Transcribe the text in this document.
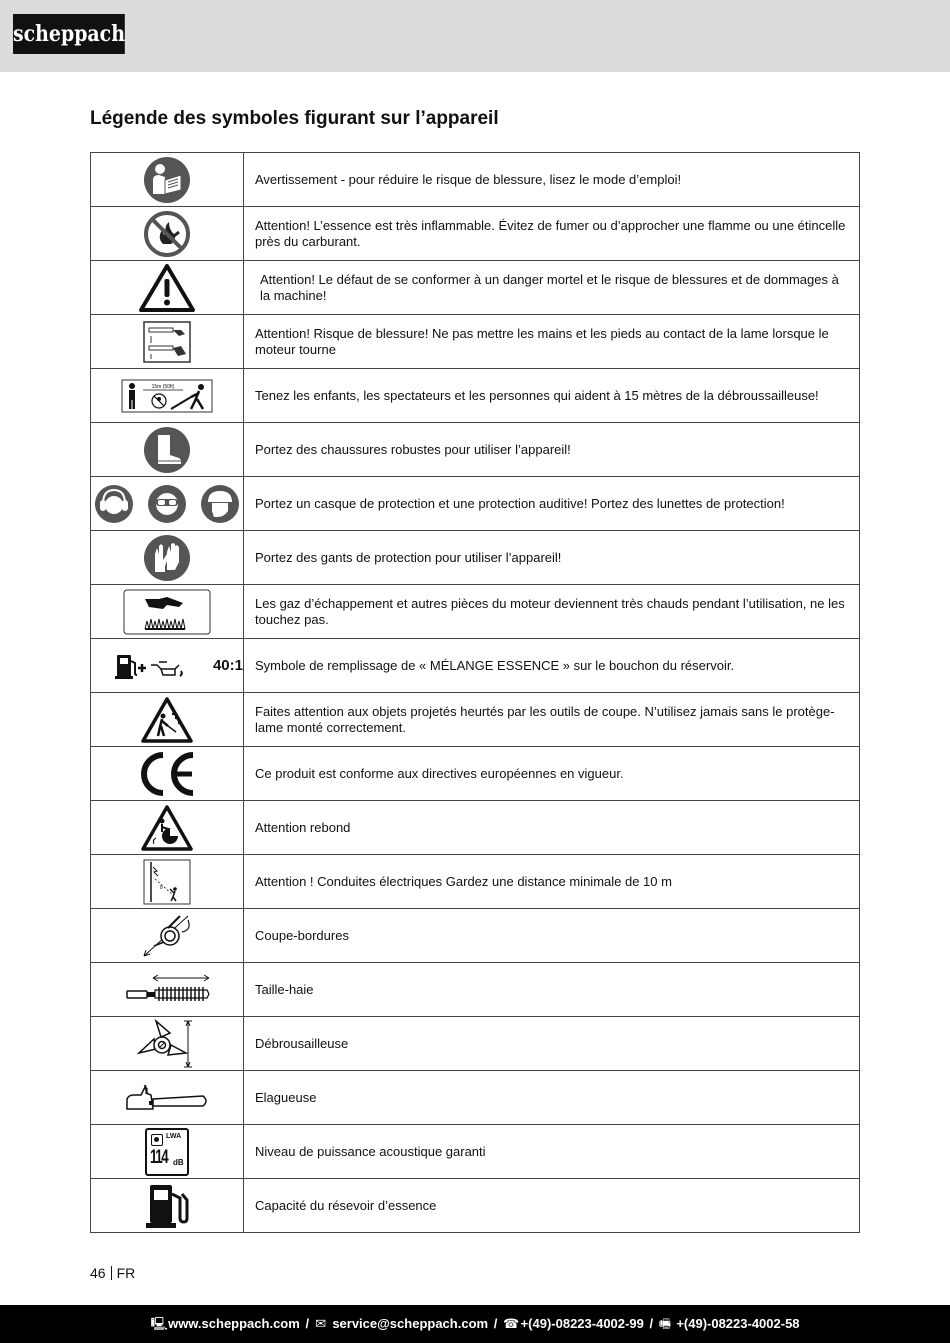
scheppach
Légende des symboles figurant sur l’appareil
	Avertissement - pour réduire le risque de blessure, lisez le mode d’emploi!

	Attention! L’essence est très inflammable. Évitez de fumer ou d’approcher une flamme ou une étincelle près du carburant.

	Attention! Le défaut de se conformer à un danger mortel et le risque de blessures et de dommages à la machine!

	Attention! Risque de blessure! Ne pas mettre les mains et les pieds au contact de la lame lorsque le moteur tourne

15m (50ft)	Tenez les enfants, les spectateurs et les personnes qui aident à 15 mètres de la débroussailleuse!

	Portez des chaussures robustes pour utiliser l’appareil!

	Portez un casque de protection et une protection auditive! Portez des lunettes de protection!

	Portez des gants de protection pour utiliser l’appareil!

	Les gaz d’échappement et autres pièces du moteur deviennent très chauds pendant l’utilisation, ne les touchez pas.

40:1	Symbole de remplissage de « MÉLANGE ESSENCE » sur le bouchon du réservoir.

	Faites attention aux objets projetés heurtés par les outils de coupe. N’utilisez jamais sans le protège-lame monté correctement.

	Ce produit est conforme aux directives européennes en vigueur.

	Attention rebond

8	Attention ! Conduites électriques Gardez une distance minimale de 10 m

	Coupe-bordures

	Taille-haie

	Débrousailleuse

	Elagueuse

LWA
114 dB	Niveau de puissance acoustique garanti

	Capacité du résevoir d’essence
46 FR
🖳 www.scheppach.com / ✉ service@scheppach.com / ☎ +(49)-08223-4002-99 / 🖷 +(49)-08223-4002-58
